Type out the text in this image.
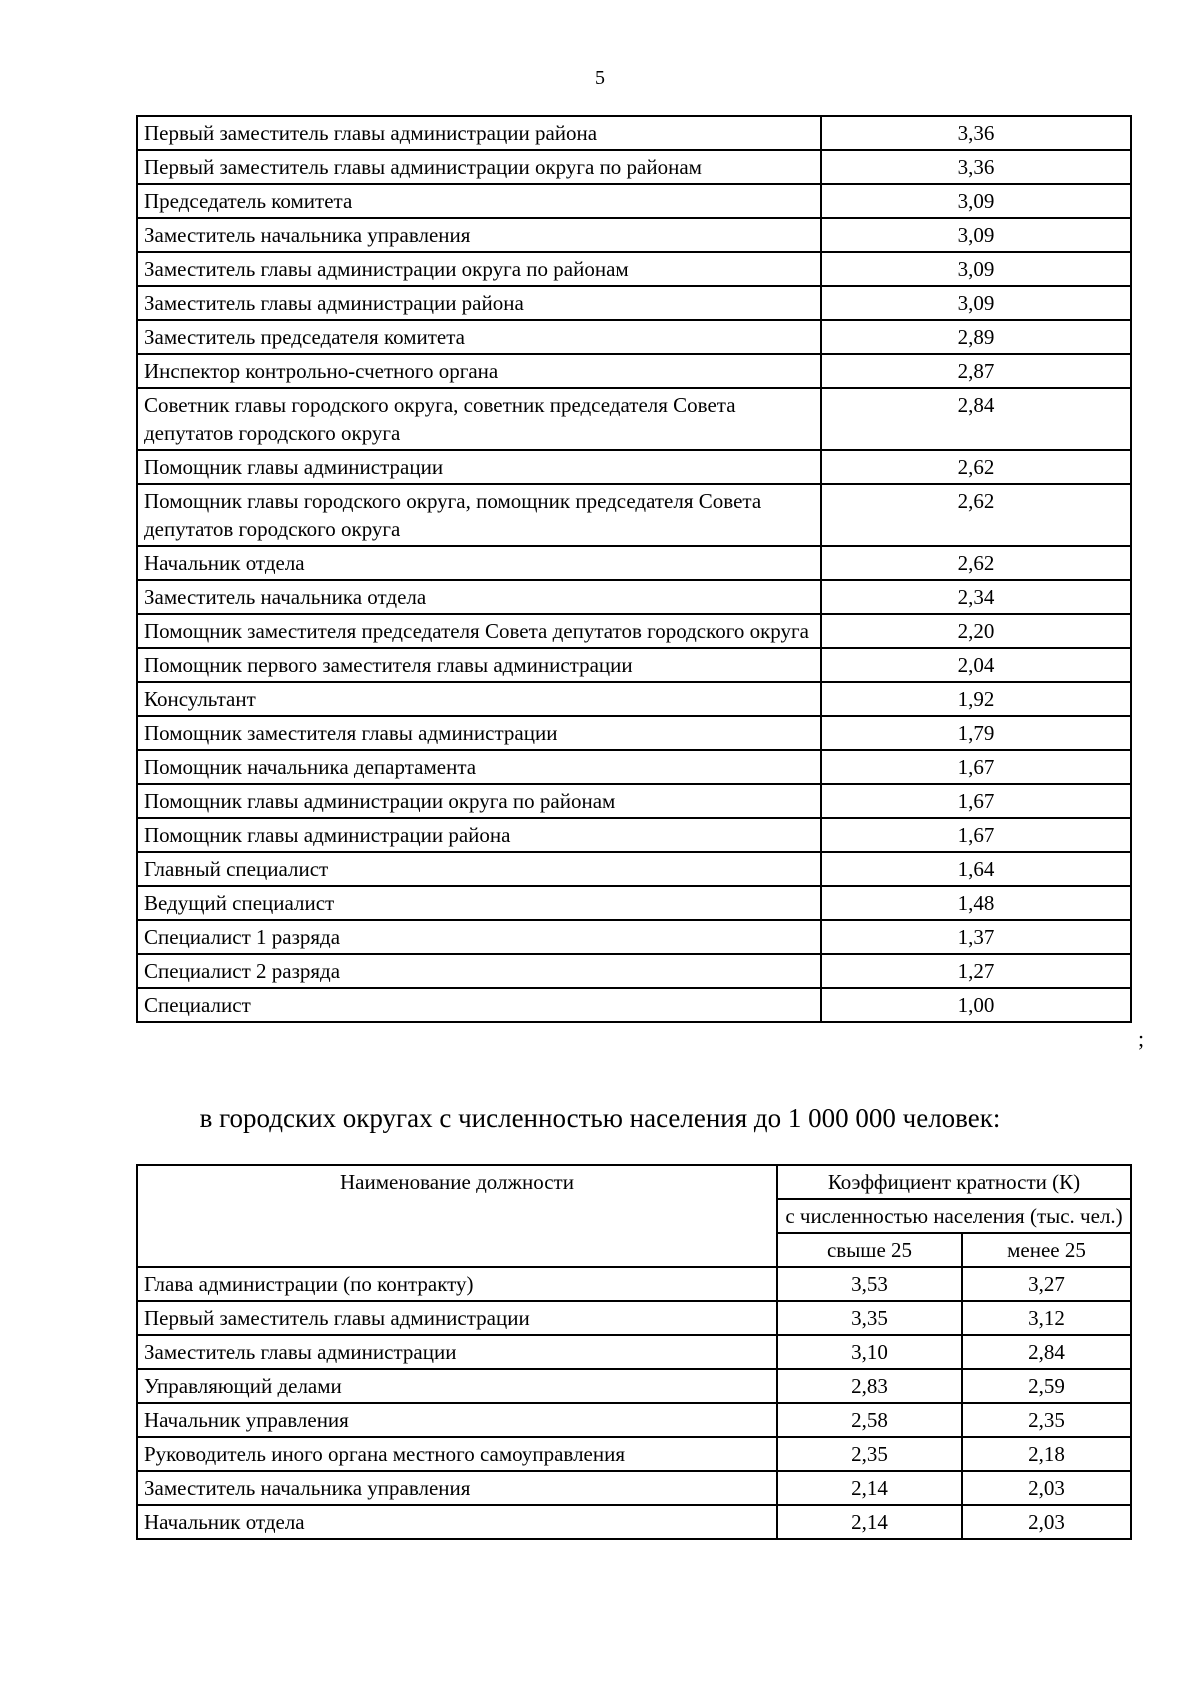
5
Первый заместитель главы администрации района	3,36
Первый заместитель главы администрации округа по районам	3,36
Председатель комитета	3,09
Заместитель начальника управления	3,09
Заместитель главы администрации округа по районам	3,09
Заместитель главы администрации района	3,09
Заместитель председателя комитета	2,89
Инспектор контрольно-счетного органа	2,87
Советник главы городского округа, советник председателя Совета депутатов городского округа	2,84
Помощник главы администрации	2,62
Помощник главы городского округа, помощник председателя Совета депутатов городского округа	2,62
Начальник отдела	2,62
Заместитель начальника отдела	2,34
Помощник заместителя председателя Совета депутатов городского округа	2,20
Помощник первого заместителя главы администрации	2,04
Консультант	1,92
Помощник заместителя главы администрации	1,79
Помощник начальника департамента	1,67
Помощник главы администрации округа по районам	1,67
Помощник главы администрации района	1,67
Главный специалист	1,64
Ведущий специалист	1,48
Специалист 1 разряда	1,37
Специалист 2 разряда	1,27
Специалист	1,00
;
в городских округах с численностью населения до 1 000 000 человек:
Наименование должности	Коэффициент кратности (К)	
	с численностью населения (тыс. чел.)	
	свыше 25	менее 25
Глава администрации (по контракту)	3,53	3,27
Первый заместитель главы администрации	3,35	3,12
Заместитель главы администрации	3,10	2,84
Управляющий делами	2,83	2,59
Начальник управления	2,58	2,35
Руководитель иного органа местного самоуправления	2,35	2,18
Заместитель начальника управления	2,14	2,03
Начальник отдела	2,14	2,03
